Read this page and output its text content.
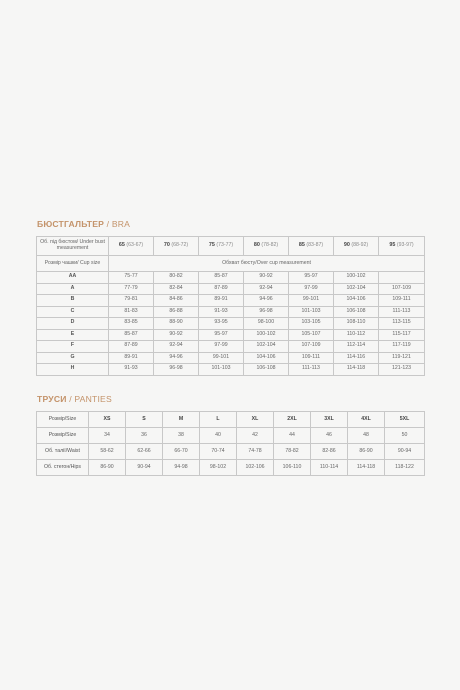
БЮСТГАЛЬТЕР / BRA
Об. під бюстом/ Under bust measurement	65 (63-67)	70 (68-72)	75 (73-77)	80 (78-82)	85 (83-87)	90 (88-92)	95 (93-97)
Розмір чашки/ Cup size	Обхват бюсту/Over cup measurement						
AA	75-77	80-82	85-87	90-92	95-97	100-102	
A	77-79	82-84	87-89	92-94	97-99	102-104	107-109
B	79-81	84-86	89-91	94-96	99-101	104-106	109-111
C	81-83	86-88	91-93	96-98	101-103	106-108	111-113
D	83-85	88-90	93-95	98-100	103-105	108-110	113-115
E	85-87	90-92	95-97	100-102	105-107	110-112	115-117
F	87-89	92-94	97-99	102-104	107-109	112-114	117-119
G	89-91	94-96	99-101	104-106	109-111	114-116	119-121
H	91-93	96-98	101-103	106-108	111-113	114-118	121-123
ТРУСИ / PANTIES
Розмір/Size	XS	S	M	L	XL	2XL	3XL	4XL	5XL
Розмір/Size	34	36	38	40	42	44	46	48	50
Об. талії/Waist	58-62	62-66	66-70	70-74	74-78	78-82	82-86	86-90	90-94
Об. стегон/Hips	86-90	90-94	94-98	98-102	102-106	106-110	110-114	114-118	118-122
